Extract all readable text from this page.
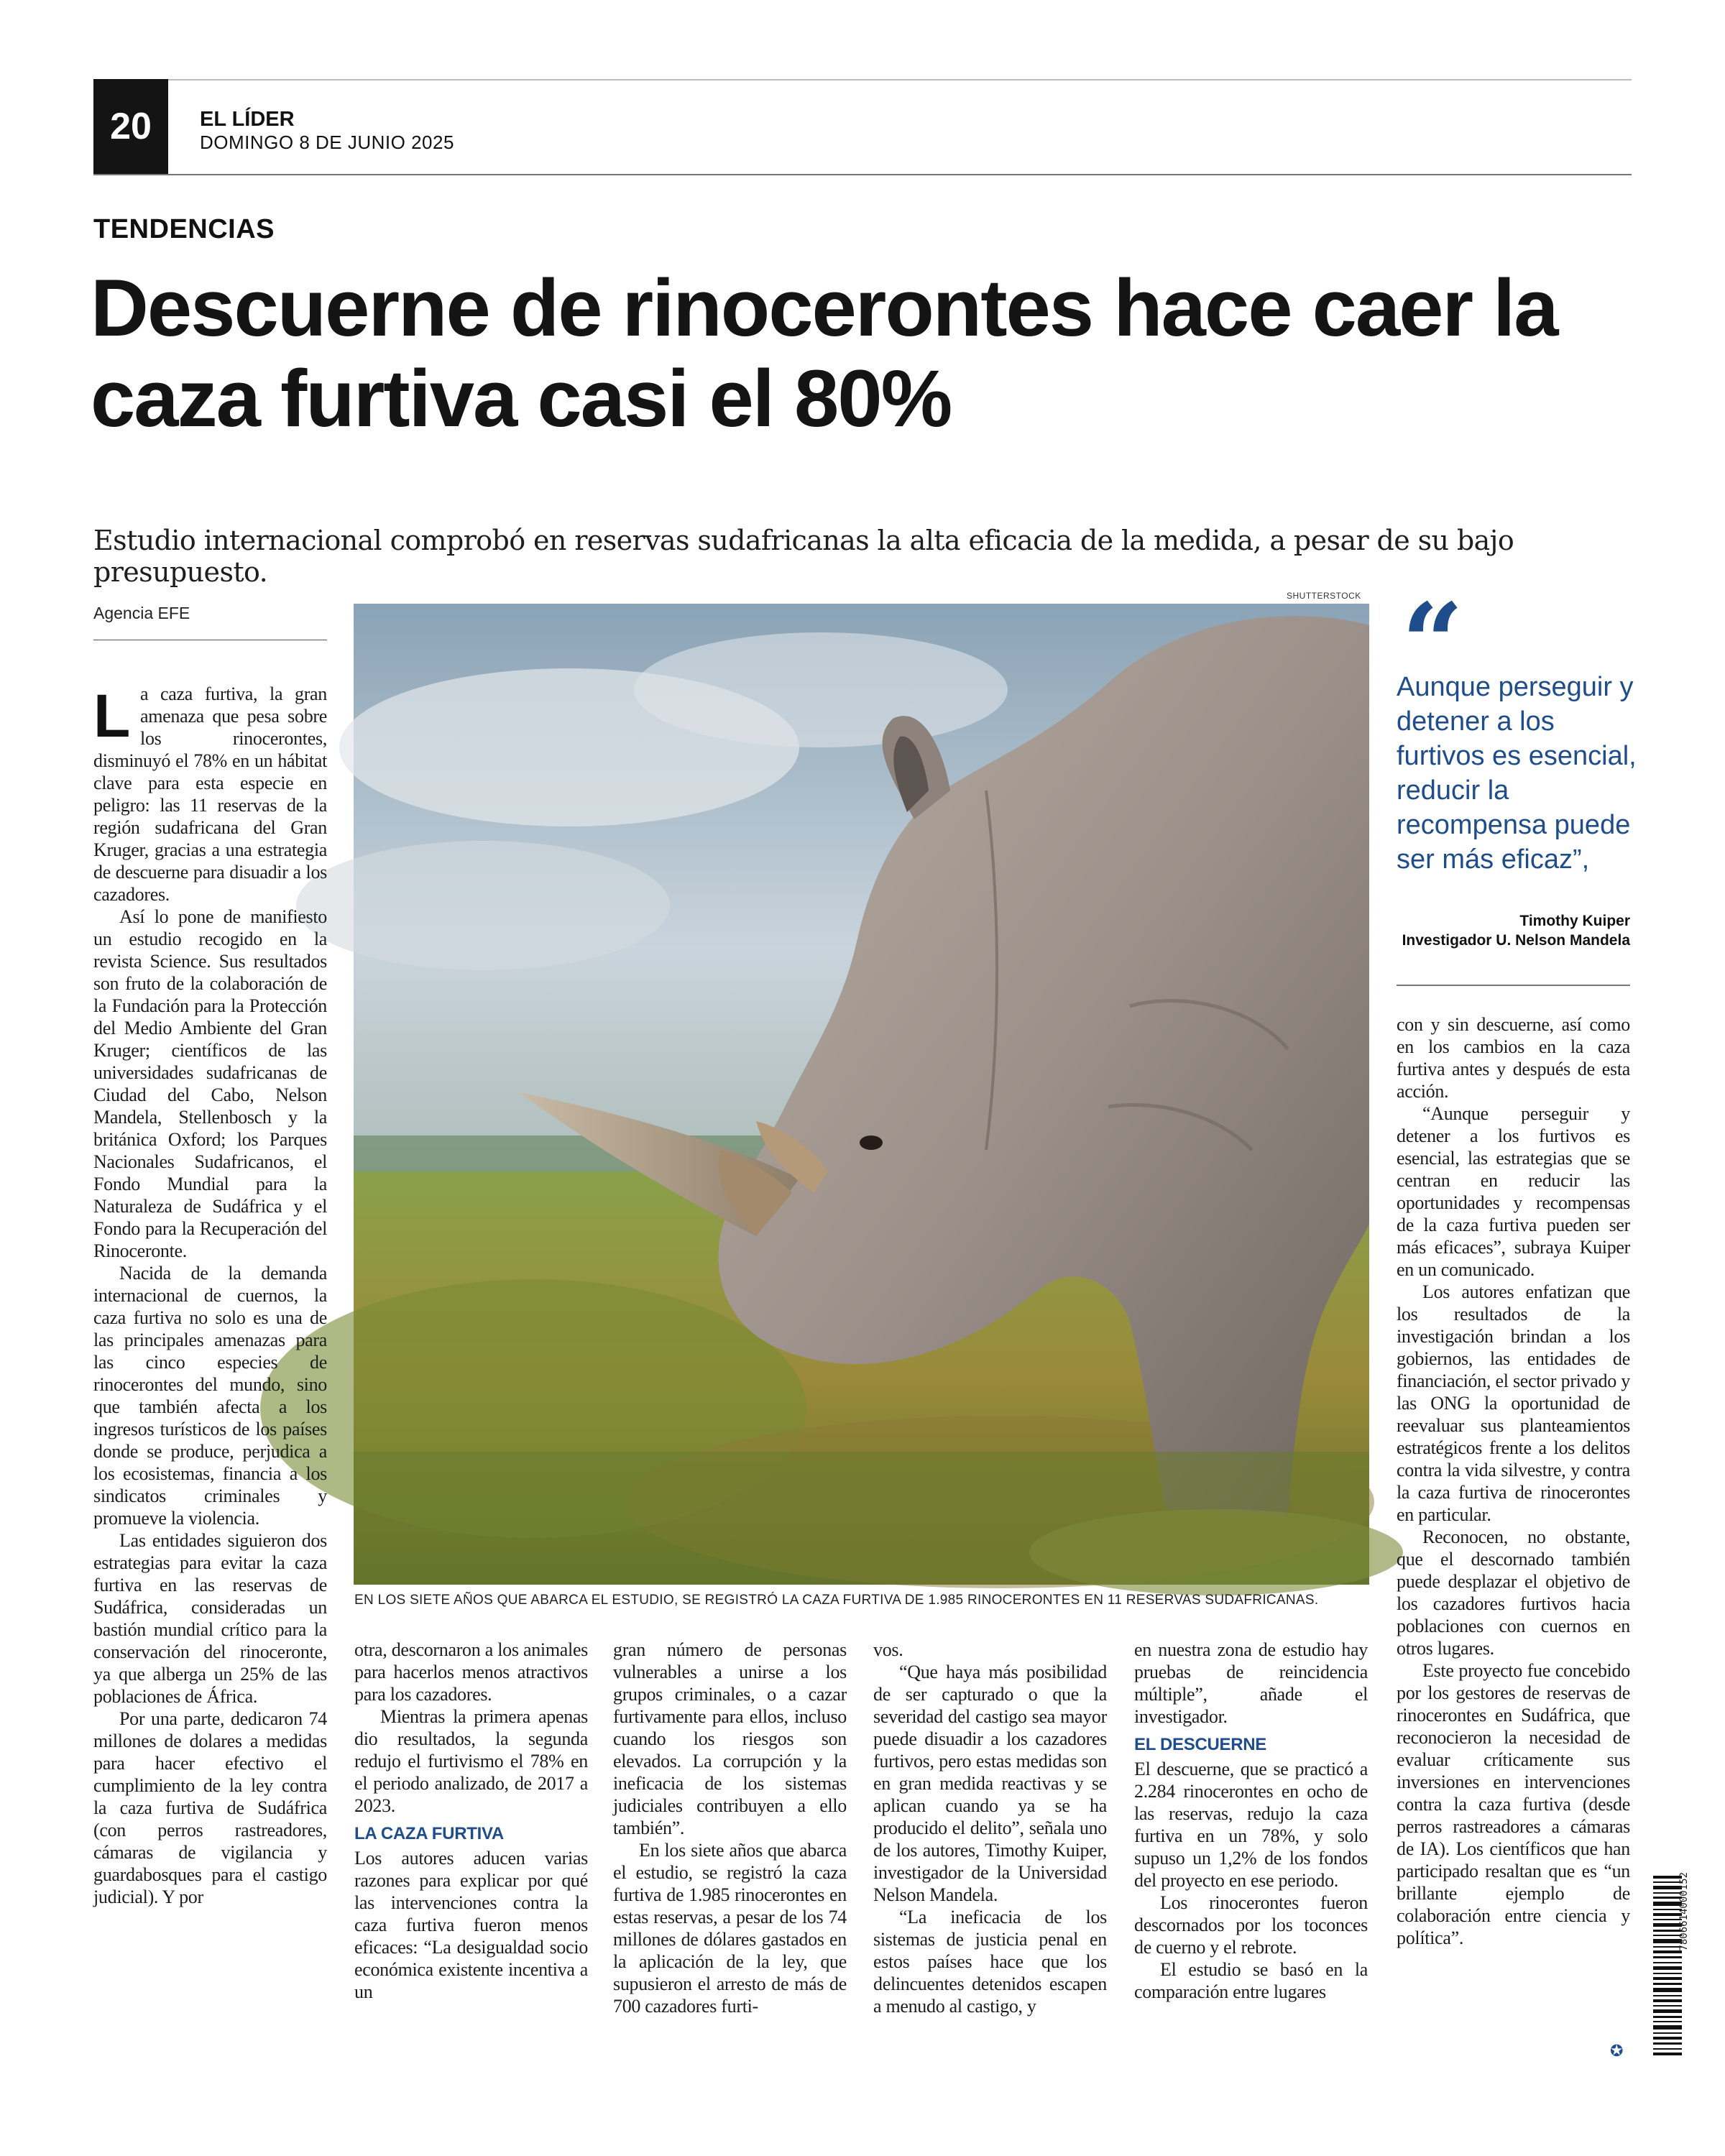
20	EL LÍDER
DOMINGO 8 DE JUNIO 2025
TENDENCIAS
Descuerne de rinocerontes hace caer la caza furtiva casi el 80%
Estudio internacional comprobó en reservas sudafricanas la alta eficacia de la medida, a pesar de su bajo presupuesto.
Agencia EFE
SHUTTERSTOCK
EN LOS SIETE AÑOS QUE ABARCA EL ESTUDIO, SE REGISTRÓ LA CAZA FURTIVA DE 1.985 RINOCERONTES EN 11 RESERVAS SUDAFRICANAS.
“
Aunque perseguir y detener a los furtivos es esencial, reducir la recompensa puede ser más eficaz”,
Timothy Kuiper
Investigador U. Nelson Mandela

La caza furtiva, la gran amenaza que pesa sobre los rinocerontes, disminuyó el 78% en un hábitat clave para esta especie en peligro: las 11 reservas de la región sudafricana del Gran Kruger, gracias a una estrategia de descuerne para disuadir a los cazadores.

Así lo pone de manifiesto un estudio recogido en la revista Science. Sus resultados son fruto de la colaboración de la Fundación para la Protección del Medio Ambiente del Gran Kruger; científicos de las universidades sudafricanas de Ciudad del Cabo, Nelson Mandela, Stellenbosch y la británica Oxford; los Parques Nacionales Sudafricanos, el Fondo Mundial para la Naturaleza de Sudáfrica y el Fondo para la Recuperación del Rinoceronte.

Nacida de la demanda internacional de cuernos, la caza furtiva no solo es una de las principales amenazas para las cinco especies de rinocerontes del mundo, sino que también afecta a los ingresos turísticos de los países donde se produce, perjudica a los ecosistemas, financia a los sindicatos criminales y promueve la violencia.

Las entidades siguieron dos estrategias para evitar la caza furtiva en las reservas de Sudáfrica, consideradas un bastión mundial crítico para la conservación del rinoceronte, ya que alberga un 25% de las poblaciones de África.

Por una parte, dedicaron 74 millones de dolares a medidas para hacer efectivo el cumplimiento de la ley contra la caza furtiva de Sudáfrica (con perros rastreadores, cámaras de vigilancia y guardabosques para el castigo judicial). Y por

otra, descornaron a los animales para hacerlos menos atractivos para los cazadores.

Mientras la primera apenas dio resultados, la segunda redujo el furtivismo el 78% en el periodo analizado, de 2017 a 2023.

LA CAZA FURTIVA

Los autores aducen varias razones para explicar por qué las intervenciones contra la caza furtiva fueron menos eficaces: “La desigualdad socio económica existente incentiva a un

gran número de personas vulnerables a unirse a los grupos criminales, o a cazar furtivamente para ellos, incluso cuando los riesgos son elevados. La corrupción y la ineficacia de los sistemas judiciales contribuyen a ello también”.

En los siete años que abarca el estudio, se registró la caza furtiva de 1.985 rinocerontes en estas reservas, a pesar de los 74 millones de dólares gastados en la aplicación de la ley, que supusieron el arresto de más de 700 cazadores furti-

vos.

“Que haya más posibilidad de ser capturado o que la severidad del castigo sea mayor puede disuadir a los cazadores furtivos, pero estas medidas son en gran medida reactivas y se aplican cuando ya se ha producido el delito”, señala uno de los autores, Timothy Kuiper, investigador de la Universidad Nelson Mandela.

“La ineficacia de los sistemas de justicia penal en estos países hace que los delincuentes detenidos escapen a menudo al castigo, y

en nuestra zona de estudio hay pruebas de reincidencia múltiple”, añade el investigador.

EL DESCUERNE

El descuerne, que se practicó a 2.284 rinocerontes en ocho de las reservas, redujo la caza furtiva en un 78%, y solo supuso un 1,2% de los fondos del proyecto en ese periodo.

Los rinocerontes fueron descornados por los toconces de cuerno y el rebrote.

El estudio se basó en la comparación entre lugares

con y sin descuerne, así como en los cambios en la caza furtiva antes y después de esta acción.

“Aunque perseguir y detener a los furtivos es esencial, las estrategias que se centran en reducir las oportunidades y recompensas de la caza furtiva pueden ser más eficaces”, subraya Kuiper en un comunicado.

Los autores enfatizan que los resultados de la investigación brindan a los gobiernos, las entidades de financiación, el sector privado y las ONG la oportunidad de reevaluar sus planteamientos estratégicos frente a los delitos contra la vida silvestre, y contra la caza furtiva de rinocerontes en particular.

Reconocen, no obstante, que el descornado también puede desplazar el objetivo de los cazadores furtivos hacia poblaciones con cuernos en otros lugares.

Este proyecto fue concebido por los gestores de reservas de rinocerontes en Sudáfrica, que reconocieron la necesidad de evaluar críticamente sus inversiones en intervenciones contra la caza furtiva (desde perros rastreadores a cámaras de IA). Los científicos que han participado resaltan que es “un brillante ejemplo de colaboración entre ciencia y política”.

✪
7806614000152
